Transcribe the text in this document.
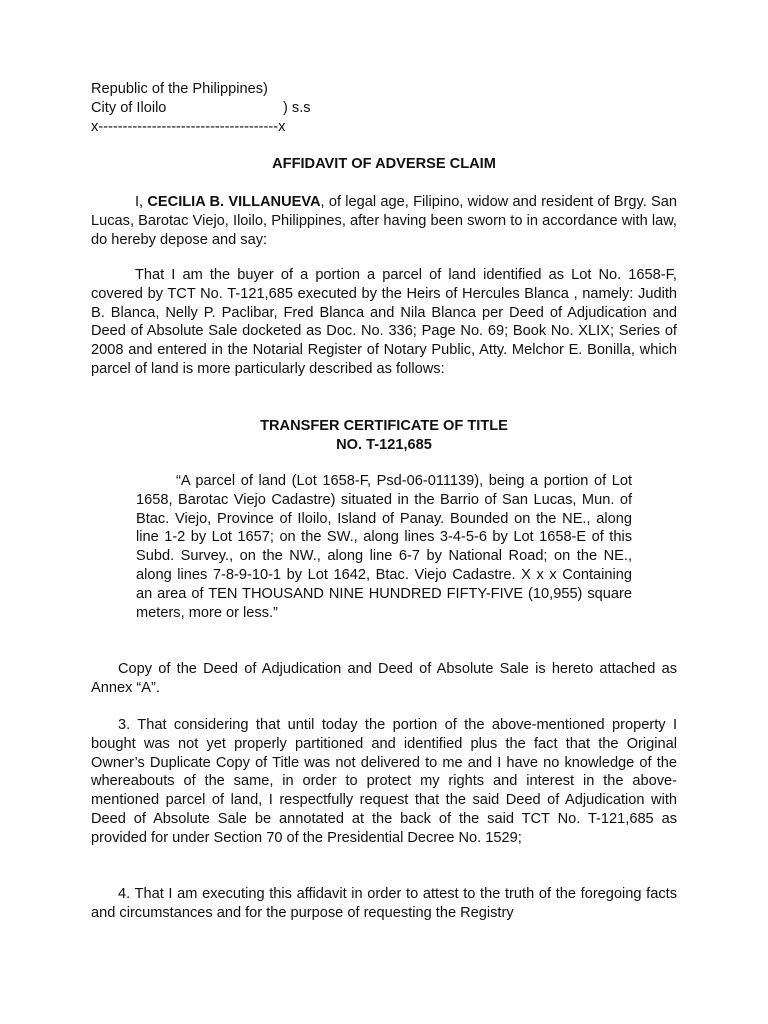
Republic of the Philippines)
City of Iloilo	) s.s
x-------------------------------------x
AFFIDAVIT OF ADVERSE CLAIM
I, CECILIA B. VILLANUEVA, of legal age, Filipino, widow and resident of Brgy. San Lucas, Barotac Viejo, Iloilo, Philippines, after having been sworn to in accordance with law, do hereby depose and say:
That I am the buyer of a portion a parcel of land identified as Lot No. 1658-F, covered by TCT No. T-121,685 executed by the Heirs of Hercules Blanca , namely: Judith B. Blanca, Nelly P. Paclibar, Fred Blanca and Nila Blanca per Deed of Adjudication and Deed of Absolute Sale docketed as Doc. No. 336; Page No. 69; Book No. XLIX; Series of 2008 and entered in the Notarial Register of Notary Public, Atty. Melchor E. Bonilla, which parcel of land is more particularly described as follows:
TRANSFER CERTIFICATE OF TITLE
NO. T-121,685
“A parcel of land (Lot 1658-F, Psd-06-011139), being a portion of Lot 1658, Barotac Viejo Cadastre) situated in the Barrio of San Lucas, Mun. of Btac. Viejo, Province of Iloilo, Island of Panay. Bounded on the NE., along line 1-2 by Lot 1657; on the SW., along lines 3-4-5-6 by Lot 1658-E of this Subd. Survey., on the NW., along line 6-7 by National Road; on the NE., along lines 7-8-9-10-1 by Lot 1642, Btac. Viejo Cadastre. X x x Containing an area of TEN THOUSAND NINE HUNDRED FIFTY-FIVE (10,955) square meters, more or less.”
Copy of the Deed of Adjudication and Deed of Absolute Sale is hereto attached as Annex “A”.
3. That considering that until today the portion of the above-mentioned property I bought was not yet properly partitioned and identified plus the fact that the Original Owner’s Duplicate Copy of Title was not delivered to me and I have no knowledge of the whereabouts of the same, in order to protect my rights and interest in the above-mentioned parcel of land, I respectfully request that the said Deed of Adjudication with Deed of Absolute Sale be annotated at the back of the said TCT No. T-121,685 as provided for under Section 70 of the Presidential Decree No. 1529;
4. That I am executing this affidavit in order to attest to the truth of the foregoing facts and circumstances and for the purpose of requesting the Registry
